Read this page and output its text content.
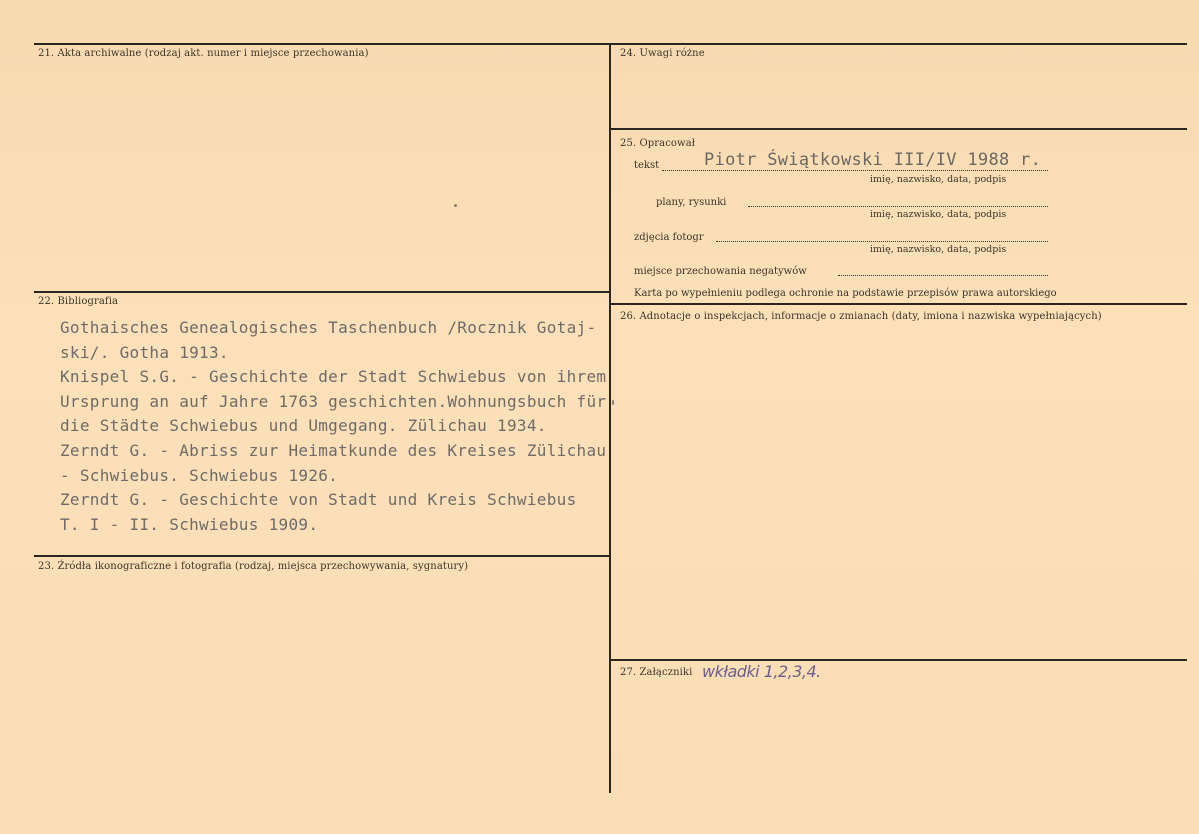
21. Akta archiwalne (rodzaj akt. numer i miejsce przechowania)
22. Bibliografia
Gothaisches Genealogisches Taschenbuch /Rocznik Gotaj-
ski/. Gotha 1913.
Knispel S.G. - Geschichte der Stadt Schwiebus von ihrem
Ursprung an auf Jahre 1763 geschichten.Wohnungsbuch für
die Städte Schwiebus und Umgegang. Zülichau 1934.
Zerndt G. - Abriss zur Heimatkunde des Kreises Zülichau
- Schwiebus. Schwiebus 1926.
Zerndt G. - Geschichte von Stadt und Kreis Schwiebus
T. I - II. Schwiebus 1909.
23. Źródła ikonograficzne i fotografia (rodzaj, miejsca przechowywania, sygnatury)
24. Uwagi różne
25. Opracował
tekst	Piotr Świątkowski III/IV 1988 r.
imię, nazwisko, data, podpis
plany, rysunki
imię, nazwisko, data, podpis
zdjęcia fotogr
imię, nazwisko, data, podpis
miejsce przechowania negatywów
Karta po wypełnieniu podlega ochronie na podstawie przepisów prawa autorskiego
26. Adnotacje o inspekcjach, informacje o zmianach (daty, imiona i nazwiska wypełniających)
27. Załączniki wkładki 1,2,3,4.
